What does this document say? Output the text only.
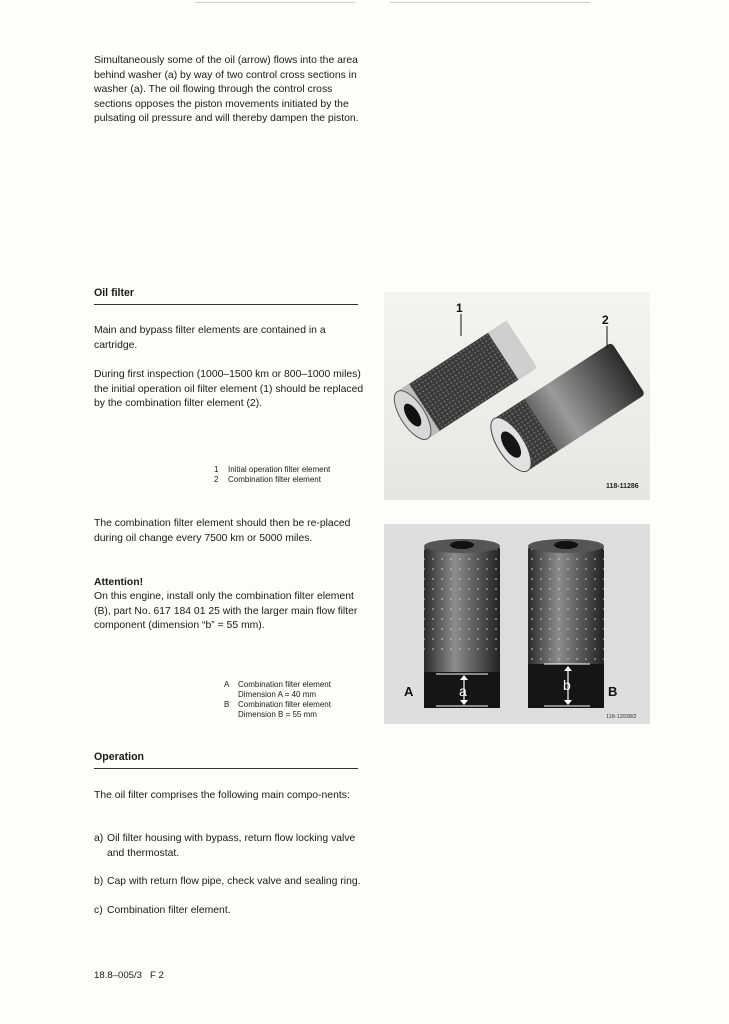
Simultaneously some of the oil (arrow) flows into the area behind washer (a) by way of two control cross sections in washer (a). The oil flowing through the control cross sections opposes the piston movements initiated by the pulsating oil pressure and will thereby dampen the piston.

Oil filter

Main and bypass filter elements are contained in a cartridge.

During first inspection (1000–1500 km or 800–1000 miles) the initial operation oil filter element (1) should be replaced by the combination filter element (2).

1	Initial operation filter element
2	Combination filter element
1
2
118-11286

The combination filter element should then be re-placed during oil change every 7500 km or 5000 miles.

Attention!

On this engine, install only the combination filter element (B), part No. 617 184 01 25 with the larger main flow filter component (dimension “b” = 55 mm).

A	Combination filter element
Dimension A = 40 mm
B	Combination filter element
Dimension B = 55 mm
A	B
a	b
118-13938/2
Operation

The oil filter comprises the following main compo-nents:

a) Oil filter housing with bypass, return flow locking valve and thermostat.
b) Cap with return flow pipe, check valve and sealing ring.
c) Combination filter element.
18.8–005/3   F 2
